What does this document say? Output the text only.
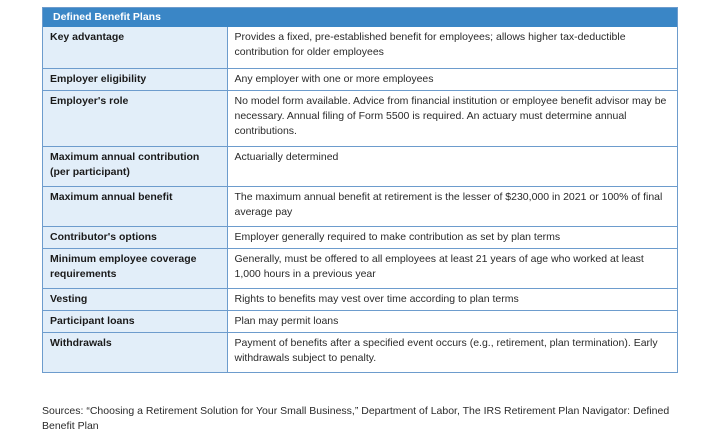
Defined Benefit Plans
Key advantage	Provides a fixed, pre-established benefit for employees; allows higher tax-deductible contribution for older employees
Employer eligibility	Any employer with one or more employees
Employer's role	No model form available. Advice from financial institution or employee benefit advisor may be necessary. Annual filing of Form 5500 is required. An actuary must determine annual contributions.
Maximum annual contribution (per participant)	Actuarially determined
Maximum annual benefit	The maximum annual benefit at retirement is the lesser of $230,000 in 2021 or 100% of final average pay
Contributor's options	Employer generally required to make contribution as set by plan terms
Minimum employee coverage requirements	Generally, must be offered to all employees at least 21 years of age who worked at least 1,000 hours in a previous year
Vesting	Rights to benefits may vest over time according to plan terms
Participant loans	Plan may permit loans
Withdrawals	Payment of benefits after a specified event occurs (e.g., retirement, plan termination). Early withdrawals subject to penalty.
Sources: “Choosing a Retirement Solution for Your Small Business,” Department of Labor, The IRS Retirement Plan Navigator: Defined Benefit Plan
